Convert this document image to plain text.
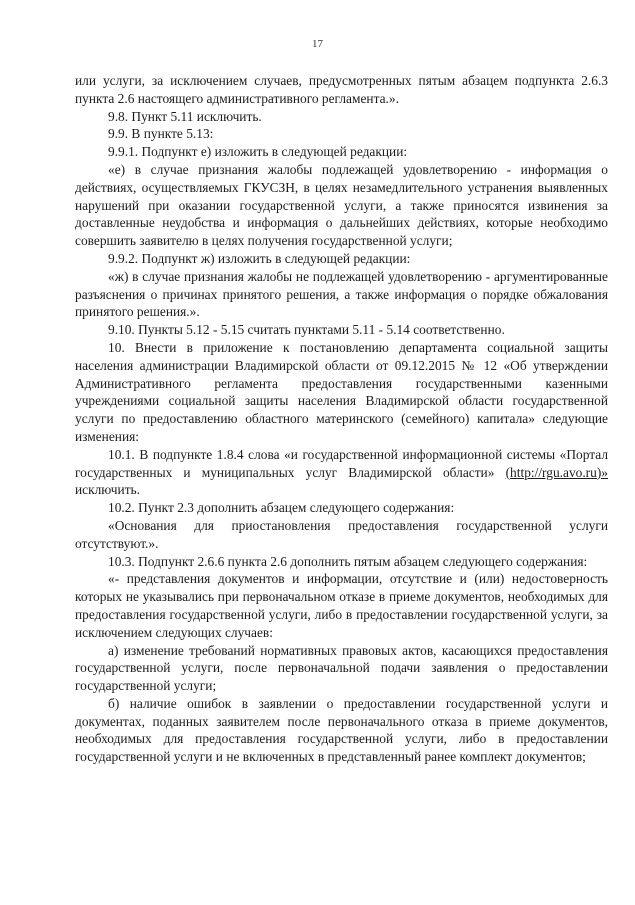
17

или услуги, за исключением случаев, предусмотренных пятым абзацем подпункта 2.6.3 пункта 2.6 настоящего административного регламента.».

9.8. Пункт 5.11 исключить.

9.9. В пункте 5.13:

9.9.1. Подпункт е) изложить в следующей редакции:

«е) в случае признания жалобы подлежащей удовлетворению - информация о действиях, осуществляемых ГКУСЗН, в целях незамедлительного устранения выявленных нарушений при оказании государственной услуги, а также приносятся извинения за доставленные неудобства и информация о дальнейших действиях, которые необходимо совершить заявителю в целях получения государственной услуги;

9.9.2. Подпункт ж) изложить в следующей редакции:

«ж) в случае признания жалобы не подлежащей удовлетворению - аргументированные разъяснения о причинах принятого решения, а также информация о порядке обжалования принятого решения.».

9.10. Пункты 5.12 - 5.15 считать пунктами 5.11 - 5.14 соответственно.

10. Внести в приложение к постановлению департамента социальной защиты населения администрации Владимирской области от 09.12.2015 № 12 «Об утверждении Административного регламента предоставления государственными казенными учреждениями социальной защиты населения Владимирской области государственной услуги по предоставлению областного материнского (семейного) капитала» следующие изменения:

10.1. В подпункте 1.8.4 слова «и государственной информационной системы «Портал государственных и муниципальных услуг Владимирской области» (http://rgu.avo.ru)» исключить.

10.2. Пункт 2.3 дополнить абзацем следующего содержания:

«Основания для приостановления предоставления государственной услуги отсутствуют.».

10.3. Подпункт 2.6.6 пункта 2.6 дополнить пятым абзацем следующего содержания:

«- представления документов и информации, отсутствие и (или) недостоверность которых не указывались при первоначальном отказе в приеме документов, необходимых для предоставления государственной услуги, либо в предоставлении государственной услуги, за исключением следующих случаев:

а) изменение требований нормативных правовых актов, касающихся предоставления государственной услуги, после первоначальной подачи заявления о предоставлении государственной услуги;

б) наличие ошибок в заявлении о предоставлении государственной услуги и документах, поданных заявителем после первоначального отказа в приеме документов, необходимых для предоставления государственной услуги, либо в предоставлении государственной услуги и не включенных в представленный ранее комплект документов;
